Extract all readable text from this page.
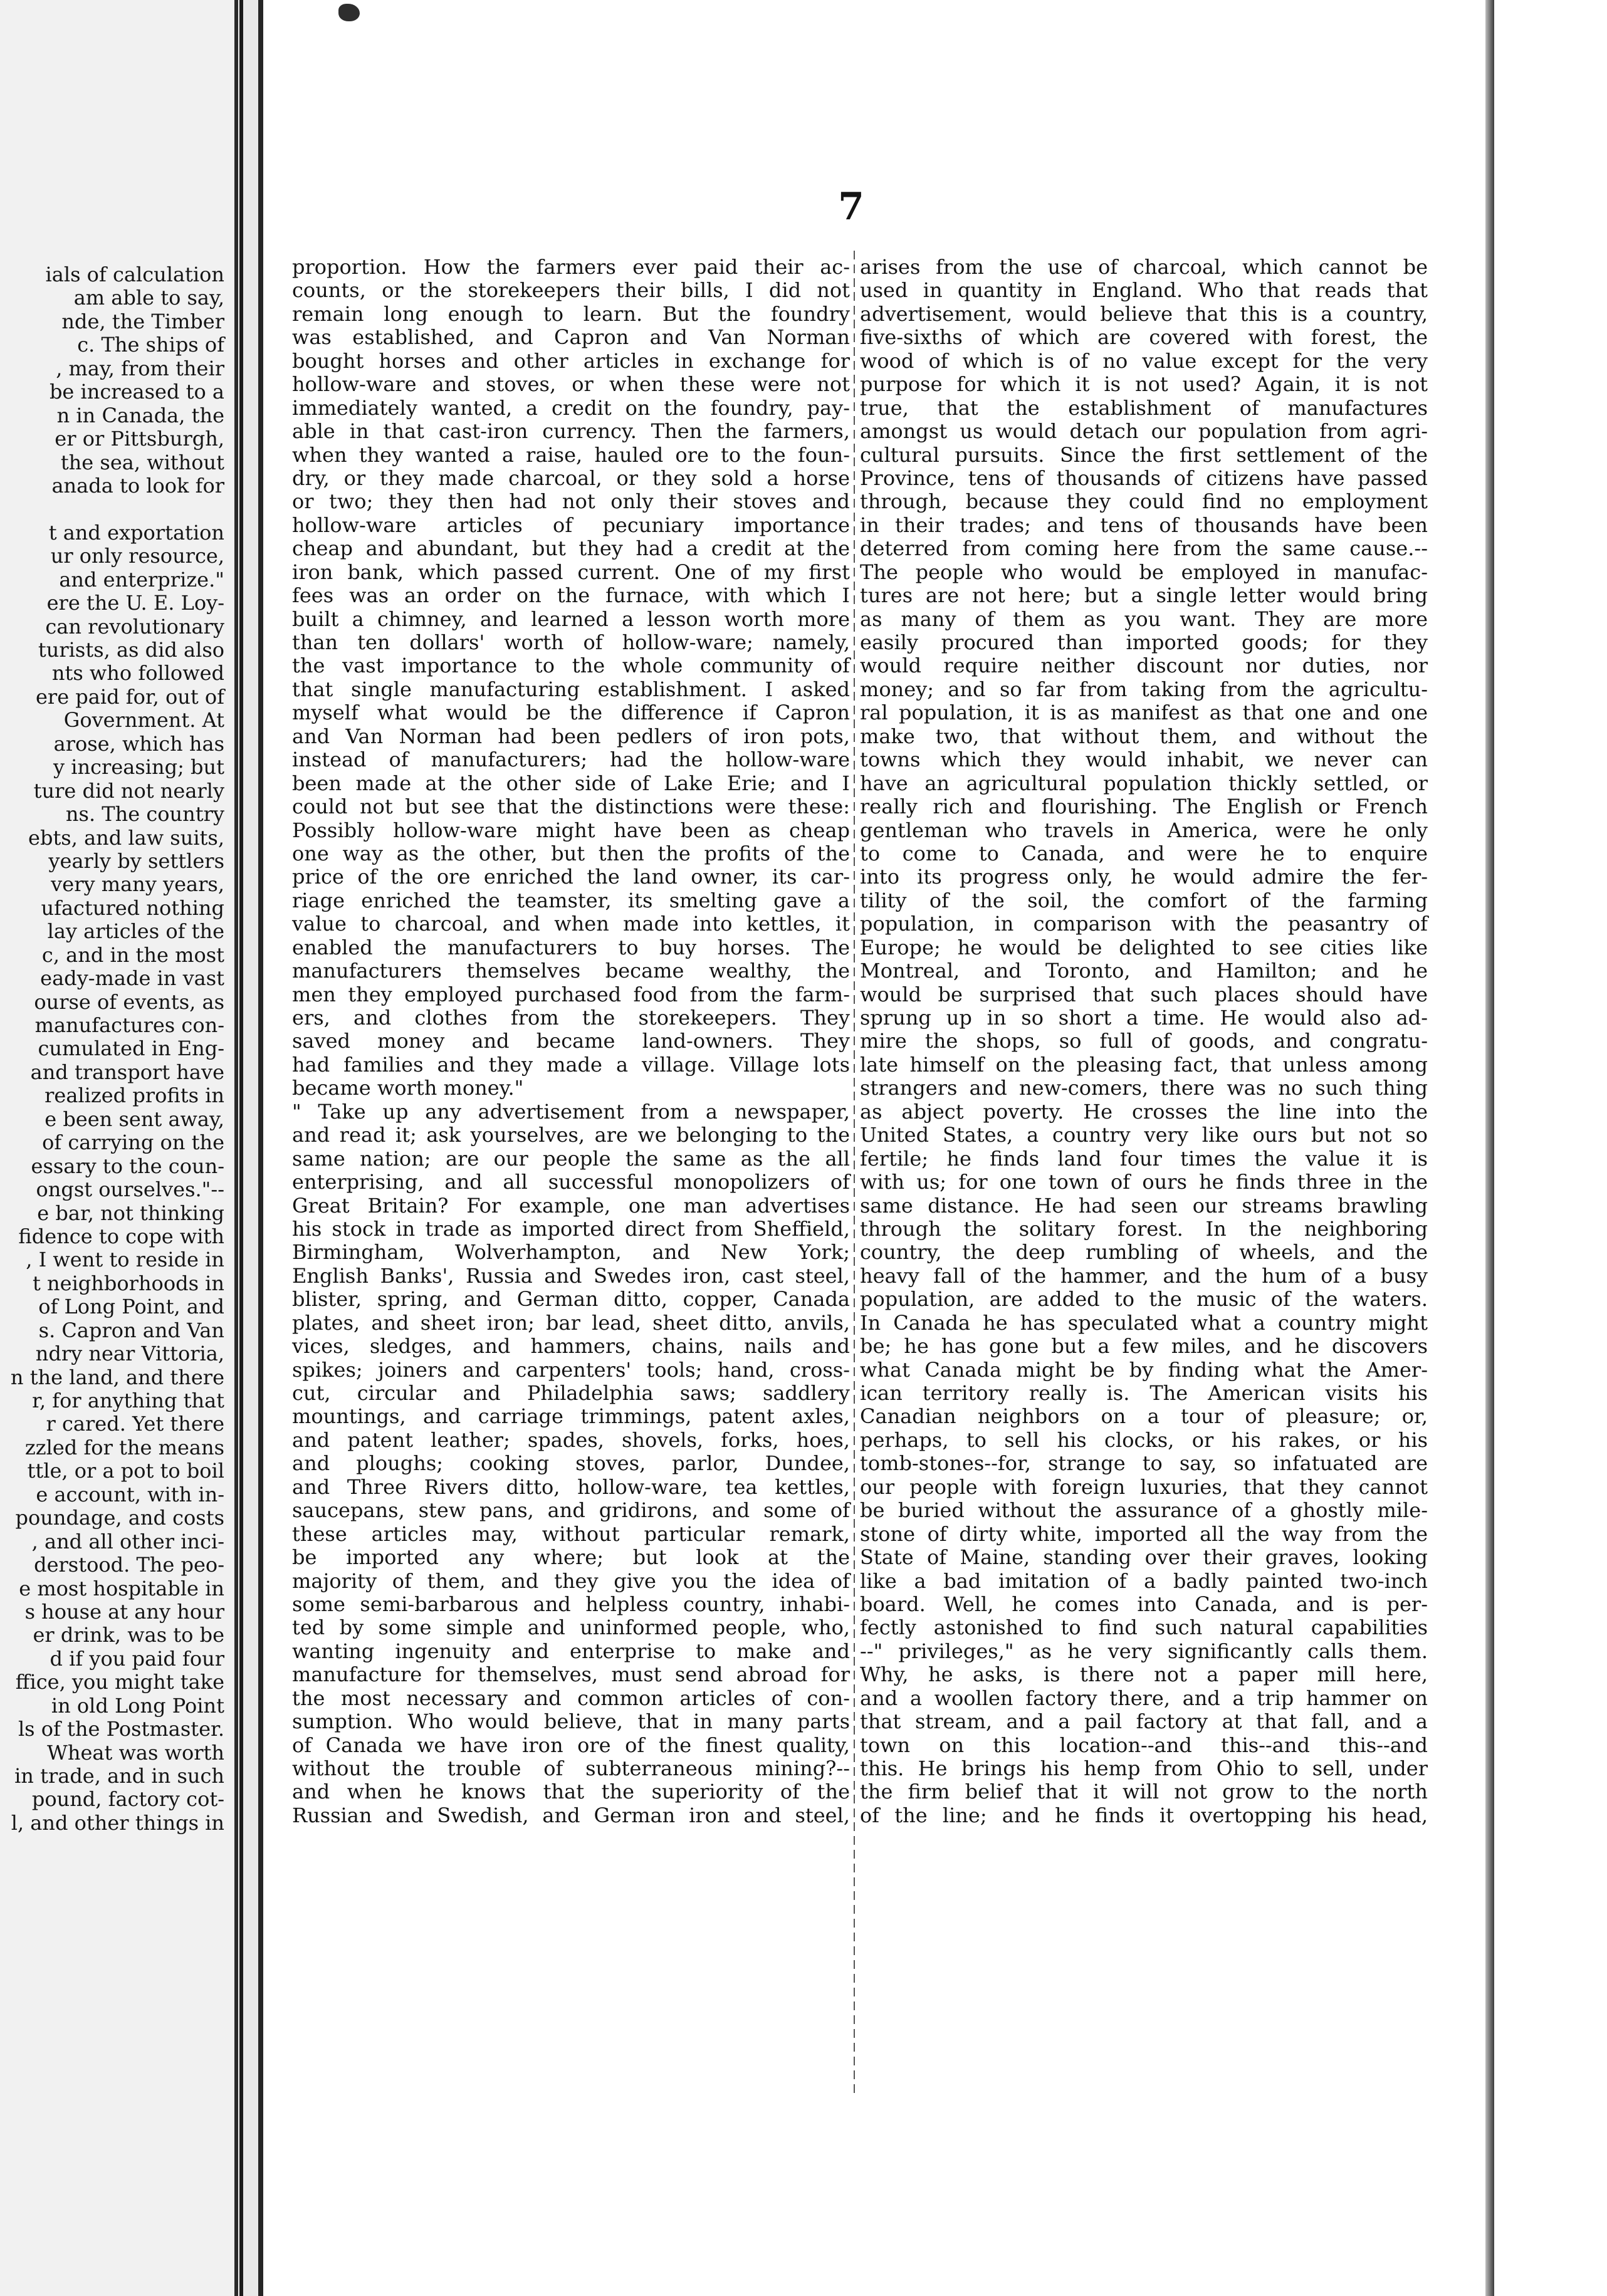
ials of calculation
am able to say,
nde, the Timber
c. The ships of
, may, from their
be increased to a
n in Canada, the
er or Pittsburgh,
the sea, without
anada to look for
t and exportation
ur only resource,
and enterprize."
ere the U. E. Loy-
can revolutionary
turists, as did also
nts who followed
ere paid for, out of
Government. At
arose, which has
y increasing; but
ture did not nearly
ns. The country
ebts, and law suits,
yearly by settlers
very many years,
ufactured nothing
lay articles of the
c, and in the most
eady-made in vast
ourse of events, as
manufactures con-
cumulated in Eng-
and transport have
realized profits in
e been sent away,
of carrying on the
essary to the coun-
ongst ourselves."--
e bar, not thinking
fidence to cope with
, I went to reside in
t neighborhoods in
of Long Point, and
s. Capron and Van
ndry near Vittoria,
n the land, and there
r, for anything that
r cared. Yet there
zzled for the means
ttle, or a pot to boil
e account, with in-
poundage, and costs
, and all other inci-
derstood. The peo-
e most hospitable in
s house at any hour
er drink, was to be
d if you paid four
ffice, you might take
in old Long Point
ls of the Postmaster.
Wheat was worth
in trade, and in such
pound, factory cot-
l, and other things in
7
proportion. How the farmers ever paid their ac-
counts, or the storekeepers their bills, I did not
remain long enough to learn. But the foundry
was established, and Capron and Van Norman
bought horses and other articles in exchange for
hollow-ware and stoves, or when these were not
immediately wanted, a credit on the foundry, pay-
able in that cast-iron currency. Then the farmers,
when they wanted a raise, hauled ore to the foun-
dry, or they made charcoal, or they sold a horse
or two; they then had not only their stoves and
hollow-ware articles of pecuniary importance
cheap and abundant, but they had a credit at the
iron bank, which passed current. One of my first
fees was an order on the furnace, with which I
built a chimney, and learned a lesson worth more
than ten dollars' worth of hollow-ware; namely,
the vast importance to the whole community of
that single manufacturing establishment. I asked
myself what would be the difference if Capron
and Van Norman had been pedlers of iron pots,
instead of manufacturers; had the hollow-ware
been made at the other side of Lake Erie; and I
could not but see that the distinctions were these:
Possibly hollow-ware might have been as cheap
one way as the other, but then the profits of the
price of the ore enriched the land owner, its car-
riage enriched the teamster, its smelting gave a
value to charcoal, and when made into kettles, it
enabled the manufacturers to buy horses. The
manufacturers themselves became wealthy, the
men they employed purchased food from the farm-
ers, and clothes from the storekeepers. They
saved money and became land-owners. They
had families and they made a village. Village lots
became worth money."
" Take up any advertisement from a newspaper,
and read it; ask yourselves, are we belonging to the
same nation; are our people the same as the all
enterprising, and all successful monopolizers of
Great Britain? For example, one man advertises
his stock in trade as imported direct from Sheffield,
Birmingham, Wolverhampton, and New York;
English Banks', Russia and Swedes iron, cast steel,
blister, spring, and German ditto, copper, Canada
plates, and sheet iron; bar lead, sheet ditto, anvils,
vices, sledges, and hammers, chains, nails and
spikes; joiners and carpenters' tools; hand, cross-
cut, circular and Philadelphia saws; saddlery
mountings, and carriage trimmings, patent axles,
and patent leather; spades, shovels, forks, hoes,
and ploughs; cooking stoves, parlor, Dundee,
and Three Rivers ditto, hollow-ware, tea kettles,
saucepans, stew pans, and gridirons, and some of
these articles may, without particular remark,
be imported any where; but look at the
majority of them, and they give you the idea of
some semi-barbarous and helpless country, inhabi-
ted by some simple and uninformed people, who,
wanting ingenuity and enterprise to make and
manufacture for themselves, must send abroad for
the most necessary and common articles of con-
sumption. Who would believe, that in many parts
of Canada we have iron ore of the finest quality,
without the trouble of subterraneous mining?--
and when he knows that the superiority of the
Russian and Swedish, and German iron and steel,
arises from the use of charcoal, which cannot be
used in quantity in England. Who that reads that
advertisement, would believe that this is a country,
five-sixths of which are covered with forest, the
wood of which is of no value except for the very
purpose for which it is not used? Again, it is not
true, that the establishment of manufactures
amongst us would detach our population from agri-
cultural pursuits. Since the first settlement of the
Province, tens of thousands of citizens have passed
through, because they could find no employment
in their trades; and tens of thousands have been
deterred from coming here from the same cause.--
The people who would be employed in manufac-
tures are not here; but a single letter would bring
as many of them as you want. They are more
easily procured than imported goods; for they
would require neither discount nor duties, nor
money; and so far from taking from the agricultu-
ral population, it is as manifest as that one and one
make two, that without them, and without the
towns which they would inhabit, we never can
have an agricultural population thickly settled, or
really rich and flourishing. The English or French
gentleman who travels in America, were he only
to come to Canada, and were he to enquire
into its progress only, he would admire the fer-
tility of the soil, the comfort of the farming
population, in comparison with the peasantry of
Europe; he would be delighted to see cities like
Montreal, and Toronto, and Hamilton; and he
would be surprised that such places should have
sprung up in so short a time. He would also ad-
mire the shops, so full of goods, and congratu-
late himself on the pleasing fact, that unless among
strangers and new-comers, there was no such thing
as abject poverty. He crosses the line into the
United States, a country very like ours but not so
fertile; he finds land four times the value it is
with us; for one town of ours he finds three in the
same distance. He had seen our streams brawling
through the solitary forest. In the neighboring
country, the deep rumbling of wheels, and the
heavy fall of the hammer, and the hum of a busy
population, are added to the music of the waters.
In Canada he has speculated what a country might
be; he has gone but a few miles, and he discovers
what Canada might be by finding what the Amer-
ican territory really is. The American visits his
Canadian neighbors on a tour of pleasure; or,
perhaps, to sell his clocks, or his rakes, or his
tomb-stones--for, strange to say, so infatuated are
our people with foreign luxuries, that they cannot
be buried without the assurance of a ghostly mile-
stone of dirty white, imported all the way from the
State of Maine, standing over their graves, looking
like a bad imitation of a badly painted two-inch
board. Well, he comes into Canada, and is per-
fectly astonished to find such natural capabilities
--" privileges," as he very significantly calls them.
Why, he asks, is there not a paper mill here,
and a woollen factory there, and a trip hammer on
that stream, and a pail factory at that fall, and a
town on this location--and this--and this--and
this. He brings his hemp from Ohio to sell, under
the firm belief that it will not grow to the north
of the line; and he finds it overtopping his head,
